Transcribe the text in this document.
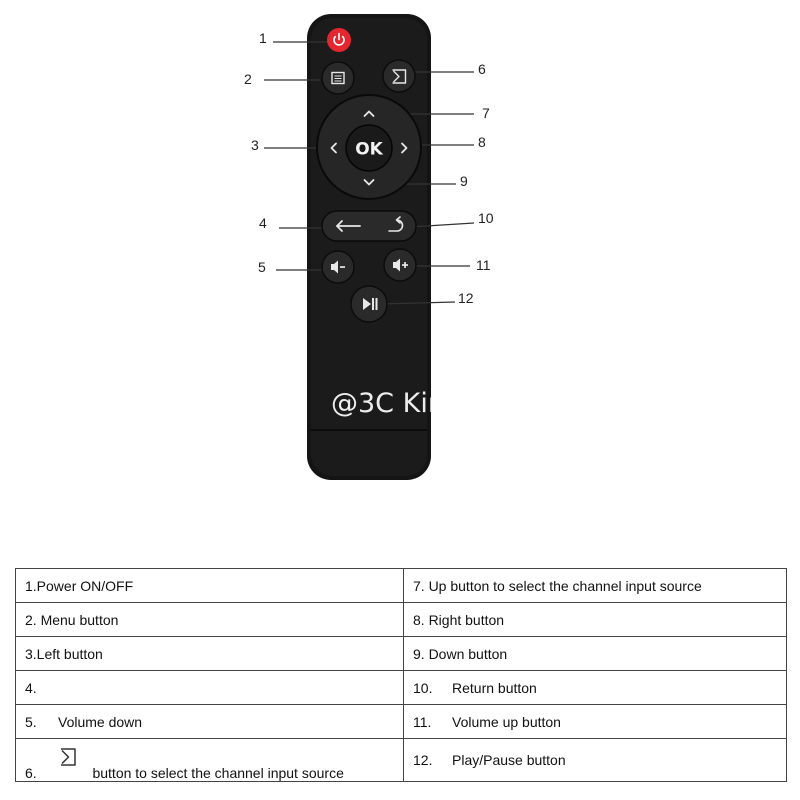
OK
1
2
3
4
5
6
7
8
9
10
11
12
@3C King
1.Power ON/OFF	7. Up button to select the channel input source
2. Menu button	8. Right button
3.Left button	9. Down button
4.	10. Return button
5. Volume down	11. Volume up button
6. button to select the channel input source	12. Play/Pause button
